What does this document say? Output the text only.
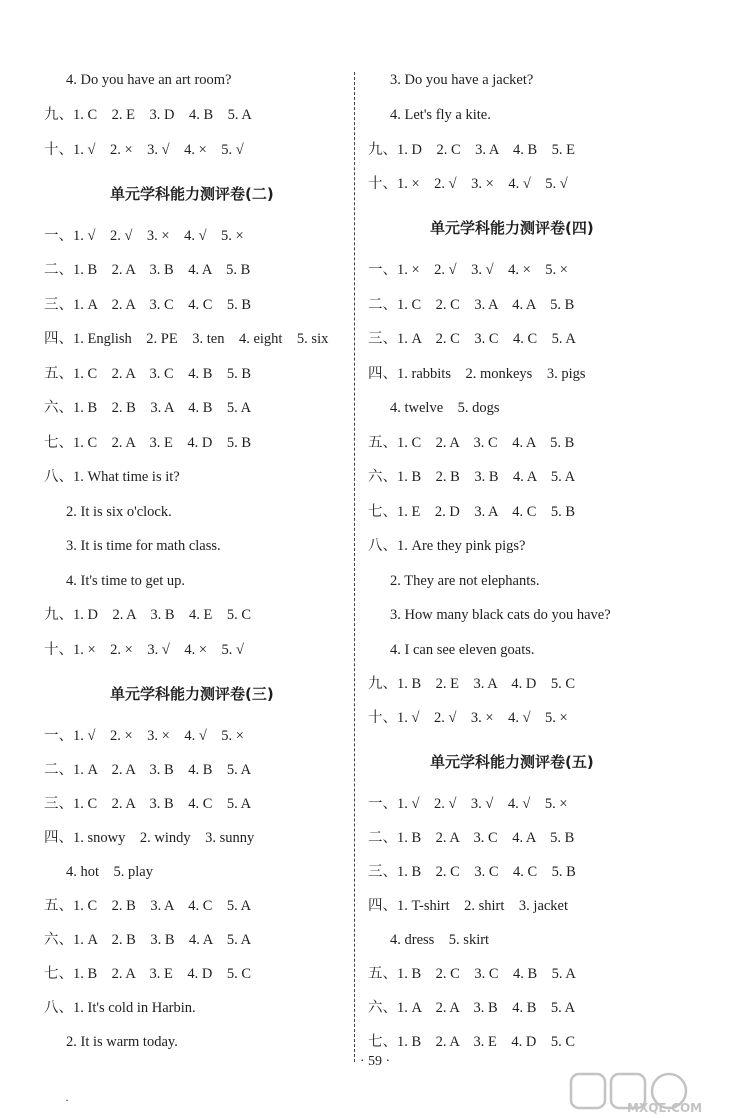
4. Do you have an art room?
九、1. C　2. E　3. D　4. B　5. A
十、1. √　2. ×　3. √　4. ×　5. √
单元学科能力测评卷(二)
一、1. √　2. √　3. ×　4. √　5. ×
二、1. B　2. A　3. B　4. A　5. B
三、1. A　2. A　3. C　4. C　5. B
四、1. English　2. PE　3. ten　4. eight　5. six
五、1. C　2. A　3. C　4. B　5. B
六、1. B　2. B　3. A　4. B　5. A
七、1. C　2. A　3. E　4. D　5. B
八、1. What time is it?
2. It is six o'clock.
3. It is time for math class.
4. It's time to get up.
九、1. D　2. A　3. B　4. E　5. C
十、1. ×　2. ×　3. √　4. ×　5. √
单元学科能力测评卷(三)
一、1. √　2. ×　3. ×　4. √　5. ×
二、1. A　2. A　3. B　4. B　5. A
三、1. C　2. A　3. B　4. C　5. A
四、1. snowy　2. windy　3. sunny
4. hot　5. play
五、1. C　2. B　3. A　4. C　5. A
六、1. A　2. B　3. B　4. A　5. A
七、1. B　2. A　3. E　4. D　5. C
八、1. It's cold in Harbin.
2. It is warm today.
3. Do you have a jacket?
4. Let's fly a kite.
九、1. D　2. C　3. A　4. B　5. E
十、1. ×　2. √　3. ×　4. √　5. √
单元学科能力测评卷(四)
一、1. ×　2. √　3. √　4. ×　5. ×
二、1. C　2. C　3. A　4. A　5. B
三、1. A　2. C　3. C　4. C　5. A
四、1. rabbits　2. monkeys　3. pigs
4. twelve　5. dogs
五、1. C　2. A　3. C　4. A　5. B
六、1. B　2. B　3. B　4. A　5. A
七、1. E　2. D　3. A　4. C　5. B
八、1. Are they pink pigs?
2. They are not elephants.
3. How many black cats do you have?
4. I can see eleven goats.
九、1. B　2. E　3. A　4. D　5. C
十、1. √　2. √　3. ×　4. √　5. ×
单元学科能力测评卷(五)
一、1. √　2. √　3. √　4. √　5. ×
二、1. B　2. A　3. C　4. A　5. B
三、1. B　2. C　3. C　4. C　5. B
四、1. T-shirt　2. shirt　3. jacket
4. dress　5. skirt
五、1. B　2. C　3. C　4. B　5. A
六、1. A　2. A　3. B　4. B　5. A
七、1. B　2. A　3. E　4. D　5. C
· 59 ·
·
MXQE.COM
